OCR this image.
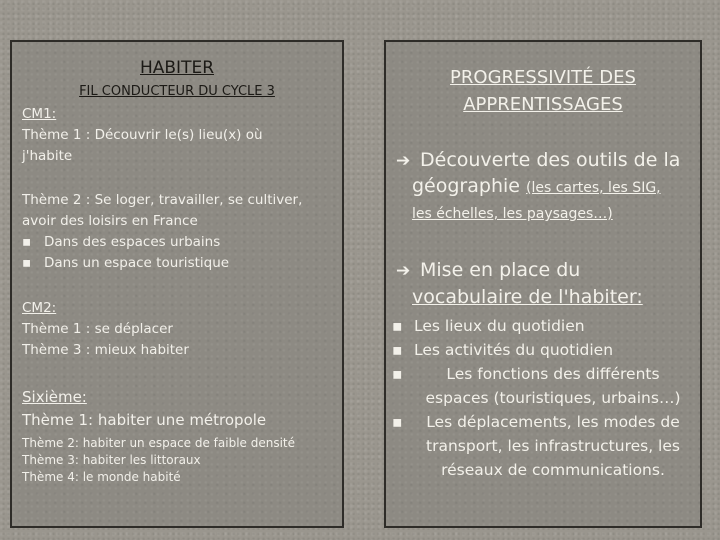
HABITER
FIL CONDUCTEUR DU CYCLE 3
CM1:
Thème 1 : Découvrir le(s) lieu(x) où
j'habite
Thème 2 : Se loger, travailler, se cultiver,
avoir des loisirs en France
▪ Dans des espaces urbains
▪ Dans un espace touristique
CM2:
Thème 1 : se déplacer
Thème 3 : mieux habiter
Sixième:
Thème 1: habiter une métropole
Thème 2: habiter un espace de faible densité
Thème 3: habiter les littoraux
Thème 4: le monde habité
PROGRESSIVITÉ DES
APPRENTISSAGES
➔ Découverte des outils de la
géographie (les cartes, les SIG,
les échelles, les paysages…)
➔ Mise en place du
vocabulaire de l'habiter:
▪ Les lieux du quotidien
▪ Les activités du quotidien
▪ Les fonctions des différents espaces (touristiques, urbains…)
▪ Les déplacements, les modes de transport, les infrastructures, les réseaux de communications.
